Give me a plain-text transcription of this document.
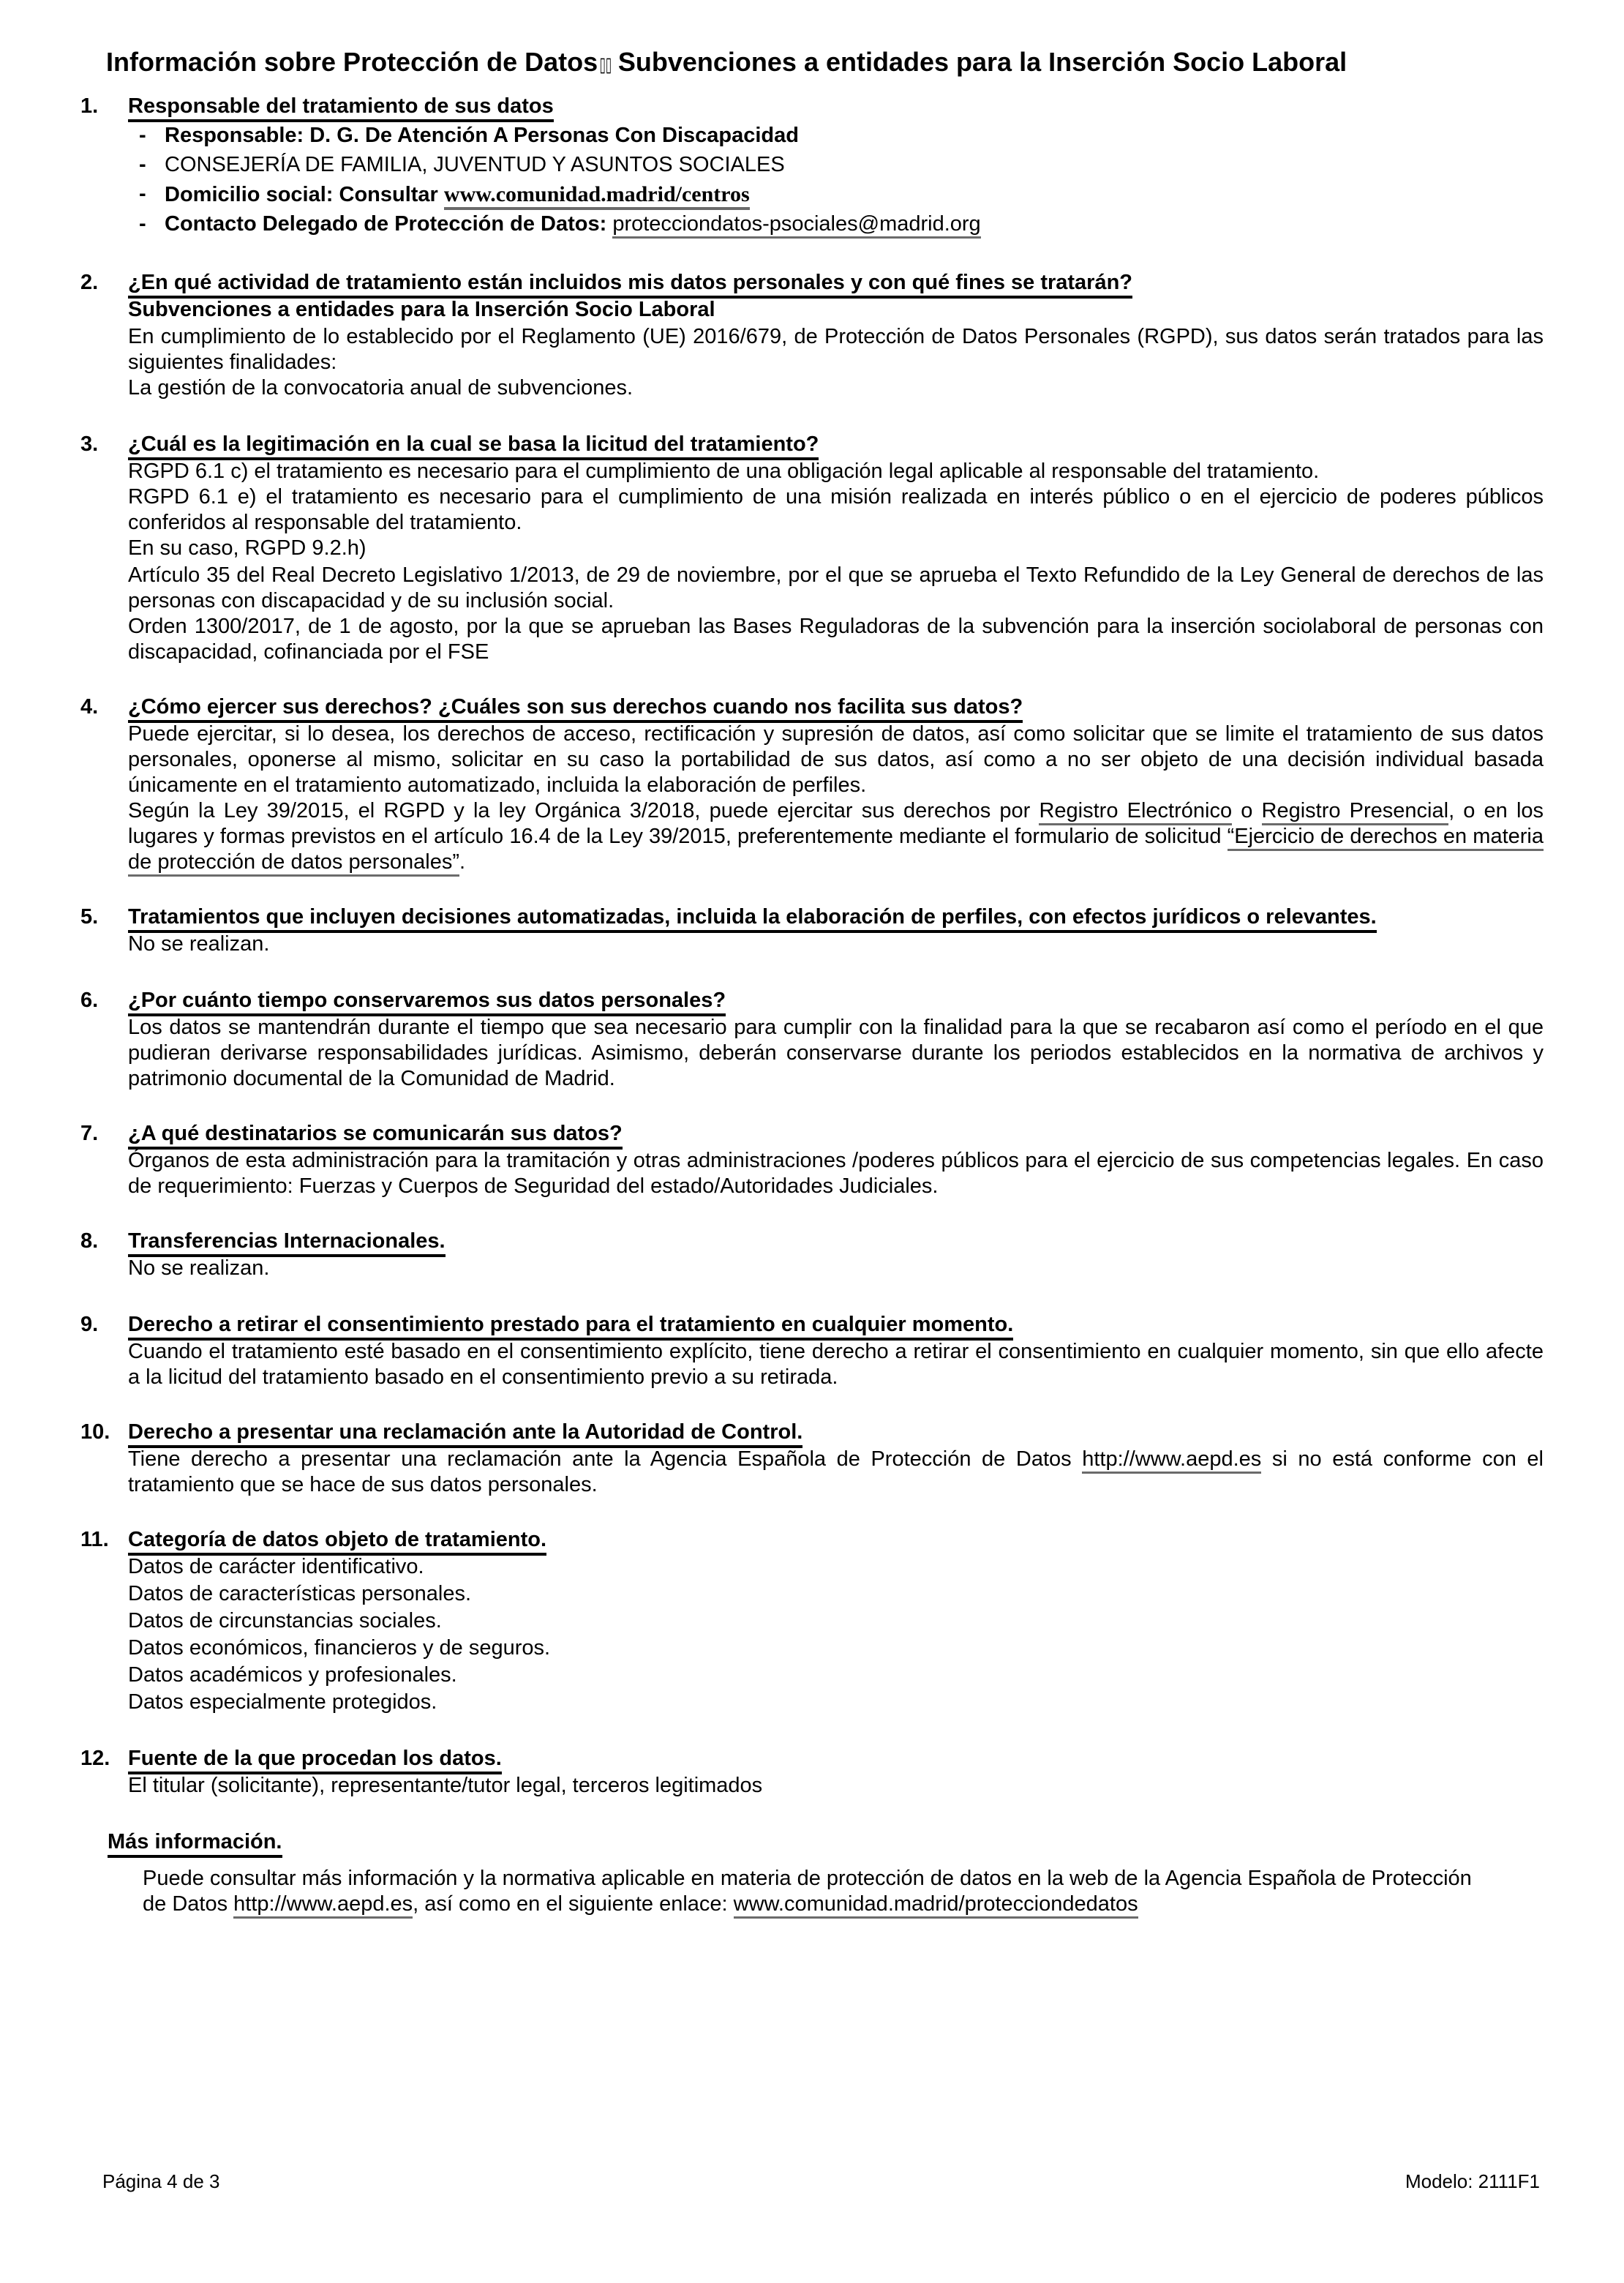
Información sobre Protección de Datos▯▯ Subvenciones a entidades para la Inserción Socio Laboral
1.	Responsable del tratamiento de sus datos
- Responsable: D. G. De Atención A Personas Con Discapacidad
- CONSEJERÍA DE FAMILIA, JUVENTUD Y ASUNTOS SOCIALES
- Domicilio social: Consultar www.comunidad.madrid/centros
- Contacto Delegado de Protección de Datos: protecciondatos-psociales@madrid.org
2.	¿En qué actividad de tratamiento están incluidos mis datos personales y con qué fines se tratarán?

Subvenciones a entidades para la Inserción Socio Laboral

En cumplimiento de lo establecido por el Reglamento (UE) 2016/679, de Protección de Datos Personales (RGPD), sus datos serán tratados para las siguientes finalidades:

La gestión de la convocatoria anual de subvenciones.

3.	¿Cuál es la legitimación en la cual se basa la licitud del tratamiento?

RGPD 6.1 c) el tratamiento es necesario para el cumplimiento de una obligación legal aplicable al responsable del tratamiento.

RGPD 6.1 e) el tratamiento es necesario para el cumplimiento de una misión realizada en interés público o en el ejercicio de poderes públicos conferidos al responsable del tratamiento.

En su caso, RGPD 9.2.h)

Artículo 35 del Real Decreto Legislativo 1/2013, de 29 de noviembre, por el que se aprueba el Texto Refundido de la Ley General de derechos de las personas con discapacidad y de su inclusión social.

Orden 1300/2017, de 1 de agosto, por la que se aprueban las Bases Reguladoras de la subvención para la inserción sociolaboral de personas con discapacidad, cofinanciada por el FSE

4.	¿Cómo ejercer sus derechos? ¿Cuáles son sus derechos cuando nos facilita sus datos?

Puede ejercitar, si lo desea, los derechos de acceso, rectificación y supresión de datos, así como solicitar que se limite el tratamiento de sus datos personales, oponerse al mismo, solicitar en su caso la portabilidad de sus datos, así como a no ser objeto de una decisión individual basada únicamente en el tratamiento automatizado, incluida la elaboración de perfiles.

Según la Ley 39/2015, el RGPD y la ley Orgánica 3/2018, puede ejercitar sus derechos por Registro Electrónico o Registro Presencial, o en los lugares y formas previstos en el artículo 16.4 de la Ley 39/2015, preferentemente mediante el formulario de solicitud “Ejercicio de derechos en materia de protección de datos personales”.

5.	Tratamientos que incluyen decisiones automatizadas, incluida la elaboración de perfiles, con efectos jurídicos o relevantes.

No se realizan.

6.	¿Por cuánto tiempo conservaremos sus datos personales?

Los datos se mantendrán durante el tiempo que sea necesario para cumplir con la finalidad para la que se recabaron así como el período en el que pudieran derivarse responsabilidades jurídicas. Asimismo, deberán conservarse durante los periodos establecidos en la normativa de archivos y patrimonio documental de la Comunidad de Madrid.

7.	¿A qué destinatarios se comunicarán sus datos?

Órganos de esta administración para la tramitación y otras administraciones /poderes públicos para el ejercicio de sus competencias legales. En caso de requerimiento: Fuerzas y Cuerpos de Seguridad del estado/Autoridades Judiciales.

8.	Transferencias Internacionales.

No se realizan.

9.	Derecho a retirar el consentimiento prestado para el tratamiento en cualquier momento.

Cuando el tratamiento esté basado en el consentimiento explícito, tiene derecho a retirar el consentimiento en cualquier momento, sin que ello afecte a la licitud del tratamiento basado en el consentimiento previo a su retirada.

10. Derecho a presentar una reclamación ante la Autoridad de Control.

Tiene derecho a presentar una reclamación ante la Agencia Española de Protección de Datos http://www.aepd.es si no está conforme con el tratamiento que se hace de sus datos personales.

11. Categoría de datos objeto de tratamiento.

Datos de carácter identificativo.

Datos de características personales.

Datos de circunstancias sociales.

Datos económicos, financieros y de seguros.

Datos académicos y profesionales.

Datos especialmente protegidos.

12. Fuente de la que procedan los datos.

El titular (solicitante), representante/tutor legal, terceros legitimados

Más información.

Puede consultar más información y la normativa aplicable en materia de protección de datos en la web de la Agencia Española de Protección de Datos http://www.aepd.es, así como en el siguiente enlace: www.comunidad.madrid/protecciondedatos

Página 4 de 3	Modelo: 2111F1
